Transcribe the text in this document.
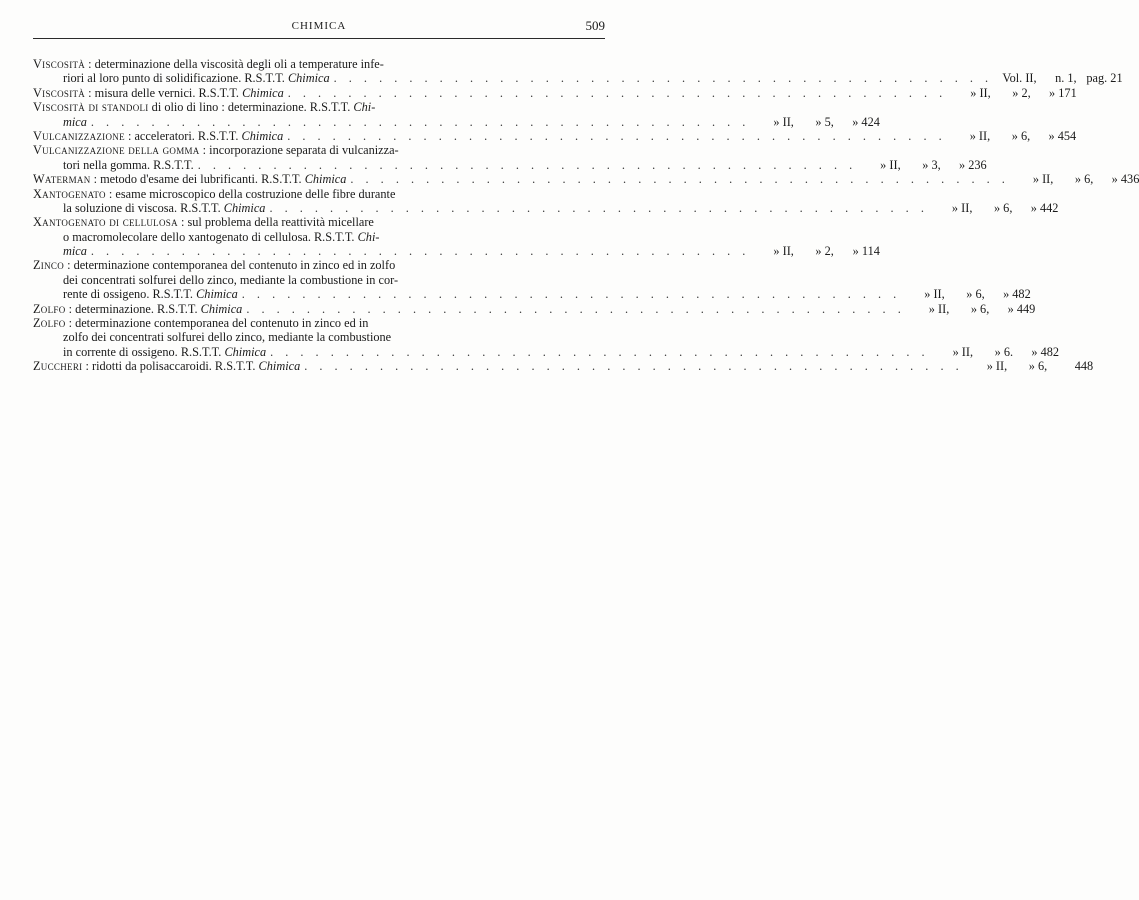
CHIMICA	509
Viscosità : determinazione della viscosità degli oli a temperature infe-
riori al loro punto di solidificazione. R.S.T.T. Chimica . . .	Vol. II,	n. 1, pag. 21
Viscosità : misura delle vernici. R.S.T.T. Chimica . . .	» II,	» 2,	» 171
Viscosità di standoli di olio di lino : determinazione. R.S.T.T. Chi-
mica . . .	» II,	» 5,	» 424
Vulcanizzazione : acceleratori. R.S.T.T. Chimica . . .	» II,	» 6,	» 454
Vulcanizzazione della gomma : incorporazione separata di vulcanizza-
tori nella gomma. R.S.T.T. . . .	» II,	» 3,	» 236
Waterman : metodo d'esame dei lubrificanti. R.S.T.T. Chimica . . .	» II,	» 6,	» 436
Xantogenato : esame microscopico della costruzione delle fibre durante
la soluzione di viscosa. R.S.T.T. Chimica . . .	» II,	» 6,	» 442
Xantogenato di cellulosa : sul problema della reattività micellare
o macromolecolare dello xantogenato di cellulosa. R.S.T.T. Chi-
mica . . .	» II,	» 2,	» 114
Zinco : determinazione contemporanea del contenuto in zinco ed in zolfo
dei concentrati solfurei dello zinco, mediante la combustione in cor-
rente di ossigeno. R.S.T.T. Chimica . . .	» II,	» 6,	» 482
Zolfo : determinazione. R.S.T.T. Chimica . . .	» II,	» 6,	» 449
Zolfo : determinazione contemporanea del contenuto in zinco ed in
zolfo dei concentrati solfurei dello zinco, mediante la combustione
in corrente di ossigeno. R.S.T.T. Chimica . . .	» II,	» 6.	» 482
Zuccheri : ridotti da polisaccaroidi. R.S.T.T. Chimica . . .	» II,	» 6,	448
